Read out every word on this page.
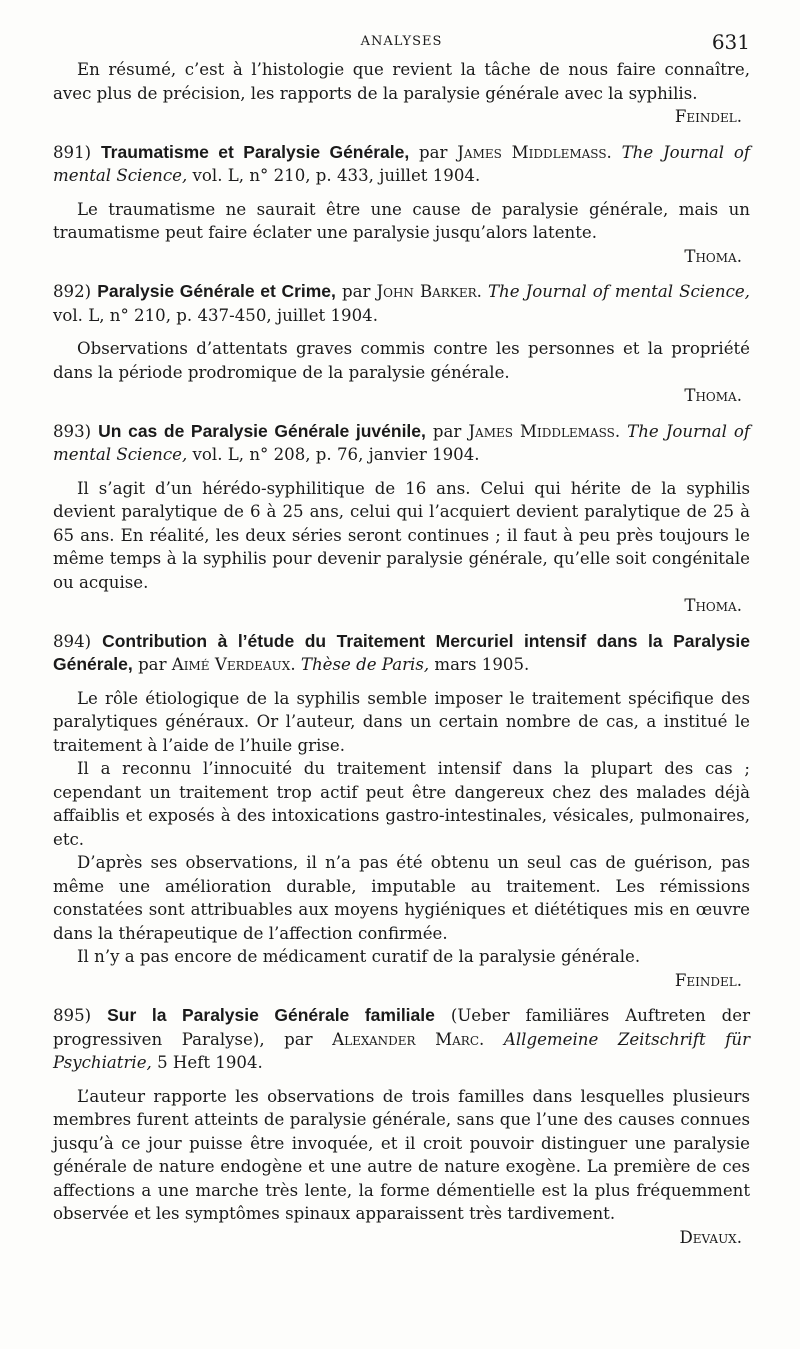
ANALYSES	631

En résumé, c’est à l’histologie que revient la tâche de nous faire connaître, avec plus de précision, les rapports de la paralysie générale avec la syphilis.

Feindel.
891) Traumatisme et Paralysie Générale, par James Middlemass. The Journal of mental Science, vol. L, n° 210, p. 433, juillet 1904.

Le traumatisme ne saurait être une cause de paralysie générale, mais un traumatisme peut faire éclater une paralysie jusqu’alors latente.

Thoma.
892) Paralysie Générale et Crime, par John Barker. The Journal of mental Science, vol. L, n° 210, p. 437-450, juillet 1904.

Observations d’attentats graves commis contre les personnes et la propriété dans la période prodromique de la paralysie générale.

Thoma.
893) Un cas de Paralysie Générale juvénile, par James Middlemass. The Journal of mental Science, vol. L, n° 208, p. 76, janvier 1904.

Il s’agit d’un hérédo-syphilitique de 16 ans. Celui qui hérite de la syphilis devient paralytique de 6 à 25 ans, celui qui l’acquiert devient paralytique de 25 à 65 ans. En réalité, les deux séries seront continues ; il faut à peu près toujours le même temps à la syphilis pour devenir paralysie générale, qu’elle soit congénitale ou acquise.

Thoma.
894) Contribution à l’étude du Traitement Mercuriel intensif dans la Paralysie Générale, par Aimé Verdeaux. Thèse de Paris, mars 1905.

Le rôle étiologique de la syphilis semble imposer le traitement spécifique des paralytiques généraux. Or l’auteur, dans un certain nombre de cas, a institué le traitement à l’aide de l’huile grise.

Il a reconnu l’innocuité du traitement intensif dans la plupart des cas ; cependant un traitement trop actif peut être dangereux chez des malades déjà affaiblis et exposés à des intoxications gastro-intestinales, vésicales, pulmonaires, etc.

D’après ses observations, il n’a pas été obtenu un seul cas de guérison, pas même une amélioration durable, imputable au traitement. Les rémissions constatées sont attribuables aux moyens hygiéniques et diététiques mis en œuvre dans la thérapeutique de l’affection confirmée.

Il n’y a pas encore de médicament curatif de la paralysie générale.

Feindel.
895) Sur la Paralysie Générale familiale (Ueber familiäres Auftreten der progressiven Paralyse), par Alexander Marc. Allgemeine Zeitschrift für Psychiatrie, 5 Heft 1904.

L’auteur rapporte les observations de trois familles dans lesquelles plusieurs membres furent atteints de paralysie générale, sans que l’une des causes connues jusqu’à ce jour puisse être invoquée, et il croit pouvoir distinguer une paralysie générale de nature endogène et une autre de nature exogène. La première de ces affections a une marche très lente, la forme démentielle est la plus fréquemment observée et les symptômes spinaux apparaissent très tardivement.

Devaux.
